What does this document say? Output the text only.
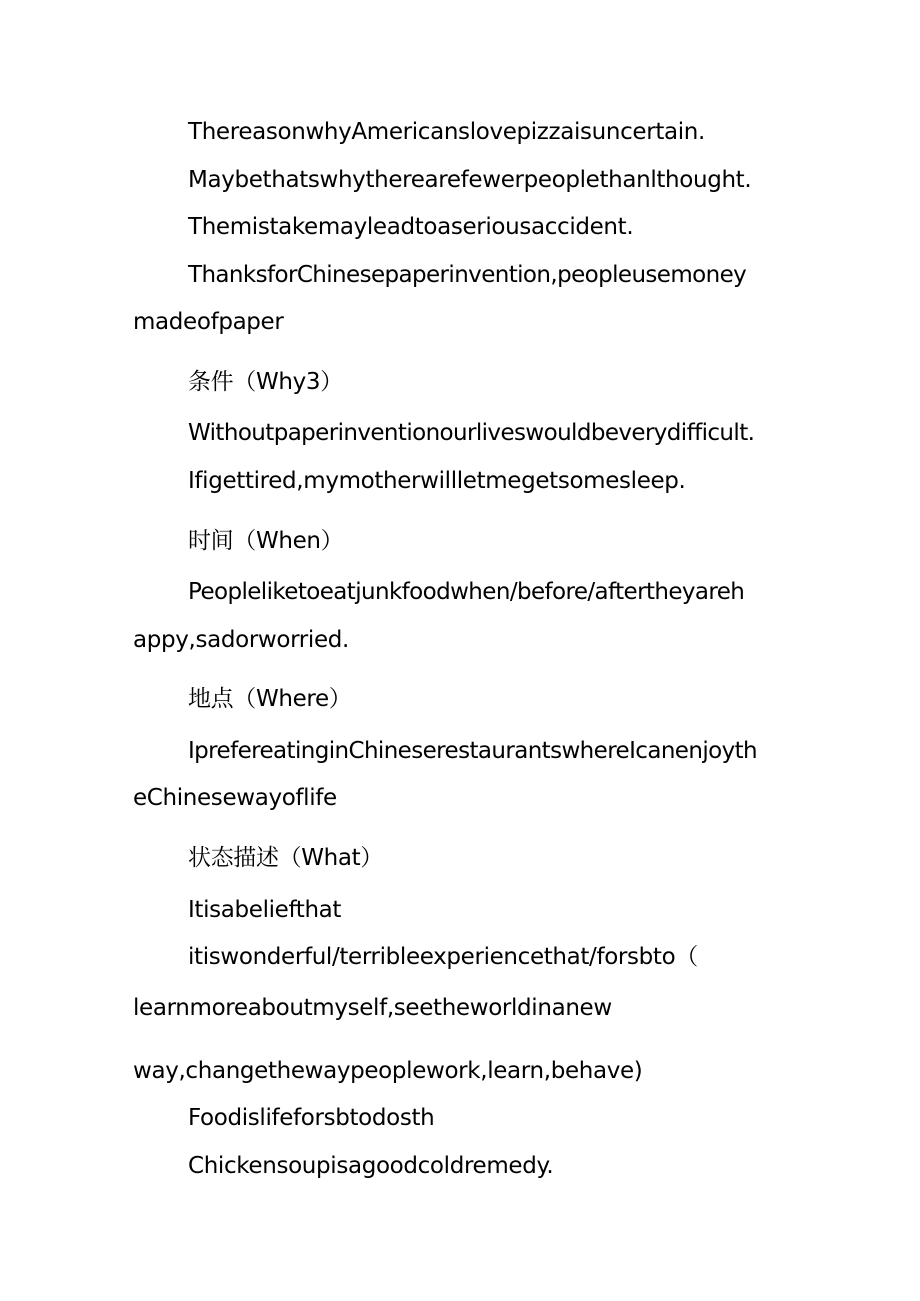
ThereasonwhyAmericanslovepizzaisuncertain.
Maybethatswhytherearefewerpeoplethanlthought.
Themistakemayleadtoaseriousaccident.
ThanksforChinesepaperinvention,peopleusemoney
madeofpaper
条件（Why3）
Withoutpaperinventionourliveswouldbeverydifficult.
Ifigettired,mymotherwillletmegetsomesleep.
时间（When）
Peopleliketoeatjunkfoodwhen/before/aftertheyareh
appy,sadorworried.
地点（Where）
IprefereatinginChineserestaurantswhereIcanenjoyth
eChinesewayoflife
状态描述（What）
Itisabeliefthat
itiswonderful/terribleexperiencethat/forsbto（
learnmoreaboutmyself,seetheworldinanew
way,changethewaypeoplework,learn,behave)
Foodislifeforsbtodosth
Chickensoupisagoodcoldremedy.
